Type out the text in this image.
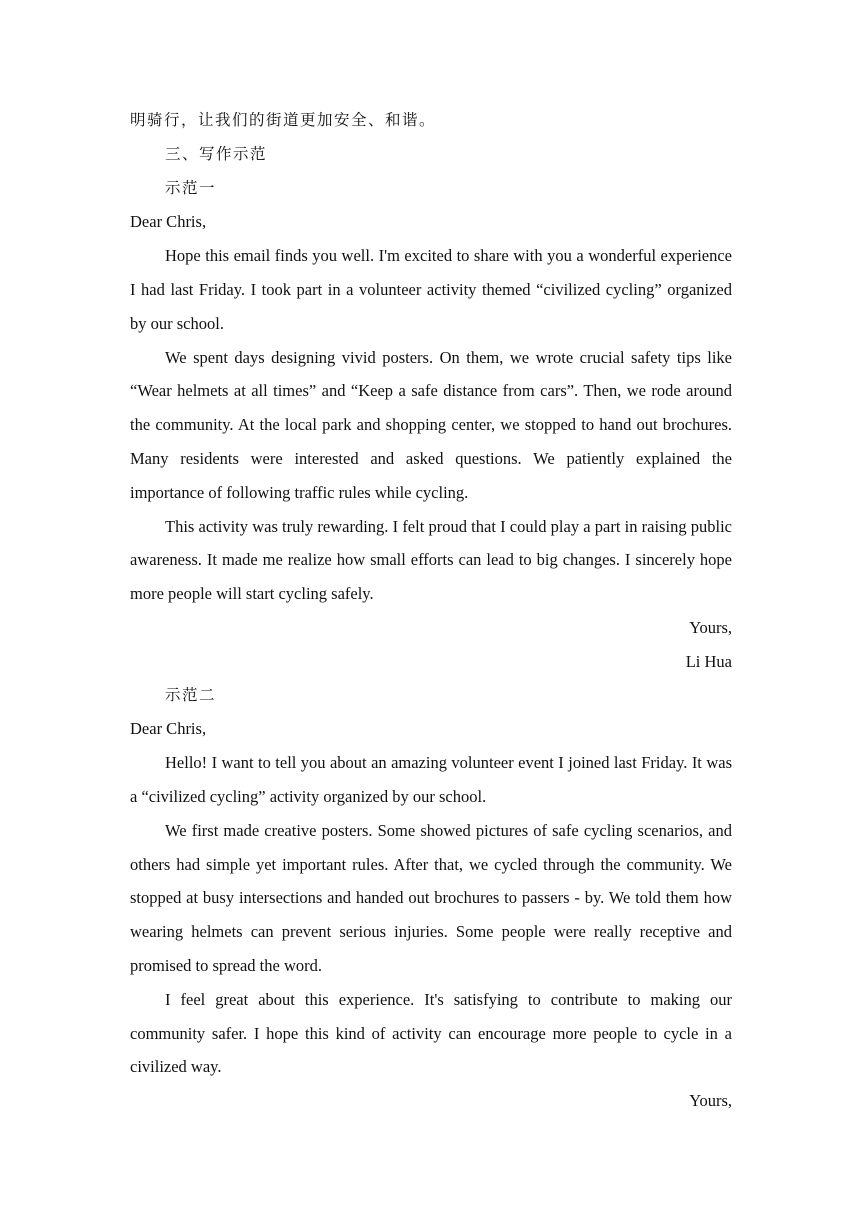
明骑行，让我们的街道更加安全、和谐。

三、写作示范

示范一

Dear Chris,

Hope this email finds you well. I'm excited to share with you a wonderful experience I had last Friday. I took part in a volunteer activity themed “civilized cycling” organized by our school.

We spent days designing vivid posters. On them, we wrote crucial safety tips like “Wear helmets at all times” and “Keep a safe distance from cars”. Then, we rode around the community. At the local park and shopping center, we stopped to hand out brochures. Many residents were interested and asked questions. We patiently explained the importance of following traffic rules while cycling.

This activity was truly rewarding. I felt proud that I could play a part in raising public awareness. It made me realize how small efforts can lead to big changes. I sincerely hope more people will start cycling safely.

Yours,

Li Hua

示范二

Dear Chris,

Hello! I want to tell you about an amazing volunteer event I joined last Friday. It was a “civilized cycling” activity organized by our school.

We first made creative posters. Some showed pictures of safe cycling scenarios, and others had simple yet important rules. After that, we cycled through the community. We stopped at busy intersections and handed out brochures to passers - by. We told them how wearing helmets can prevent serious injuries. Some people were really receptive and promised to spread the word.

I feel great about this experience. It's satisfying to contribute to making our community safer. I hope this kind of activity can encourage more people to cycle in a civilized way.

Yours,
